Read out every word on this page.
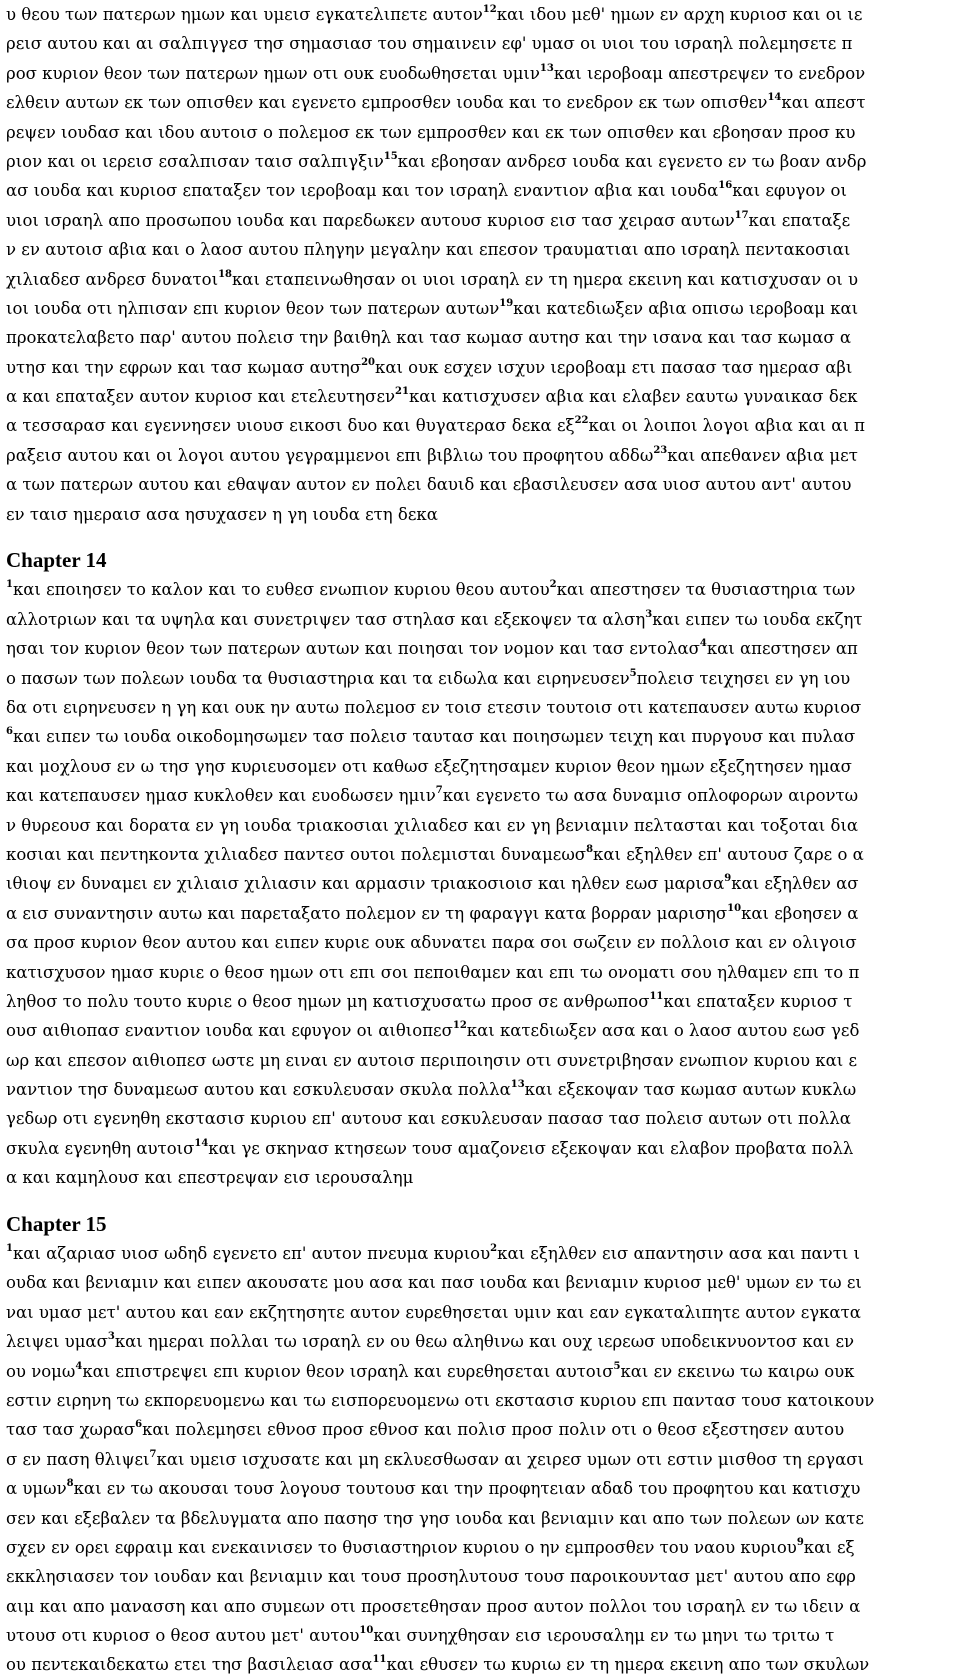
υ θεου των πατερων ημων και υμεισ εγκατελιπετε αυτον$^{12}$και ιδου μεθ' ημων εν αρχη κυριοσ και οι ιε
ρεισ αυτου και αι σαλπιγγεσ τησ σημασιασ του σημαινειν εφ' υμασ οι υιοι του ισραηλ πολεμησετε π
ροσ κυριον θεον των πατερων ημων οτι ουκ ευοδωθησεται υμιν$^{13}$και ιεροβοαμ απεστρεψεν το ενεδρον
ελθειν αυτων εκ των οπισθεν και εγενετο εμπροσθεν ιουδα και το ενεδρον εκ των οπισθεν$^{14}$και απεστ
ρεψεν ιουδασ και ιδου αυτοισ ο πολεμοσ εκ των εμπροσθεν και εκ των οπισθεν και εβοησαν προσ κυ
ριον και οι ιερεισ εσαλπισαν ταισ σαλπιγξιν$^{15}$και εβοησαν ανδρεσ ιουδα και εγενετο εν τω βοαν ανδρ
ασ ιουδα και κυριοσ επαταξεν τον ιεροβοαμ και τον ισραηλ εναντιον αβια και ιουδα$^{16}$και εφυγον οι
υιοι ισραηλ απο προσωπου ιουδα και παρεδωκεν αυτουσ κυριοσ εισ τασ χειρασ αυτων$^{17}$και επαταξε
ν εν αυτοισ αβια και ο λαοσ αυτου πληγην μεγαλην και επεσον τραυματιαι απο ισραηλ πεντακοσιαι
χιλιαδεσ ανδρεσ δυνατοι$^{18}$και εταπεινωθησαν οι υιοι ισραηλ εν τη ημερα εκεινη και κατισχυσαν οι υ
ιοι ιουδα οτι ηλπισαν επι κυριον θεον των πατερων αυτων$^{19}$και κατεδιωξεν αβια οπισω ιεροβοαμ και
προκατελαβετο παρ' αυτου πολεισ την βαιθηλ και τασ κωμασ αυτησ και την ισανα και τασ κωμασ α
υτησ και την εφρων και τασ κωμασ αυτησ$^{20}$και ουκ εσχεν ισχυν ιεροβοαμ ετι πασασ τασ ημερασ αβι
α και επαταξεν αυτον κυριοσ και ετελευτησεν$^{21}$και κατισχυσεν αβια και ελαβεν εαυτω γυναικασ δεκ
α τεσσαρασ και εγεννησεν υιουσ εικοσι δυο και θυγατερασ δεκα $\varepsilon\xi^{22}\kappa\alpha\iota$ οι λοιποι λογοι αβια και αι π
ραξεισ αυτου και οι λογοι αυτου γεγραμμενοι επι βιβλιω του προφητου αδδω$^{23}$και απεθανεν αβια μετ
α των πατερων αυτου και εθαψαν αυτον εν πολει δαυιδ και εβασιλευσεν ασα υιοσ αυτου αντ' αυτου
εν ταισ ημεραισ ασα ησυχασεν η γη ιουδα ετη δεκα
Chapter 14
$^1$και εποιησεν το καλον και το ευθεσ ενωπιον κυριου θεου αυτου$^2$και απεστησεν τα θυσιαστηρια των
αλλοτριων και τα υψηλα και συνετριψεν τασ στηλασ και εξεκοψεν τα αλση$^3$και ειπεν τω ιουδα εκζητ
ησαι τον κυριον θεον των πατερων αυτων και ποιησαι τον νομον και τασ εντολασ$^4$και απεστησεν απ
ο πασων των πολεων ιουδα τα θυσιαστηρια και τα ειδωλα και ειρηνευσεν$^5$πολεισ τειχησει εν γη ιου
δα οτι ειρηνευσεν η γη και ουκ ην αυτω πολεμοσ εν τοισ ετεσιν τουτοισ οτι κατεπαυσεν αυτω κυριοσ
$^6$και ειπεν τω ιουδα οικοδομησωμεν τασ πολεισ ταυτασ και ποιησωμεν τειχη και πυργουσ και πυλασ
και μοχλουσ εν ω τησ γησ κυριευσομεν οτι καθωσ εξεζητησαμεν κυριον θεον ημων εξεζητησεν ημασ
και κατεπαυσεν ημασ κυκλοθεν και ευοδωσεν ημιν$^7$και εγενετο τω ασα δυναμισ οπλοφορων αιροντω
ν θυρεουσ και δορατα εν γη ιουδα τριακοσιαι χιλιαδεσ και εν γη βενιαμιν πελτασται και τοξοται δια
κοσιαι και πεντηκοντα χιλιαδεσ παντεσ ουτοι πολεμισται δυναμεωσ$^8$και εξηλθεν επ' αυτουσ ζαρε ο α
ιθιοψ εν δυναμει εν χιλιαισ χιλιασιν και αρμασιν τριακοσιοισ και ηλθεν εωσ μαρισα$^9$και εξηλθεν ασ
α εισ συναντησιν αυτω και παρεταξατο πολεμον εν τη φαραγγι κατα βορραν μαρισησ$^{10}$και εβοησεν α
σα προσ κυριον θεον αυτου και ειπεν κυριε ουκ αδυνατει παρα σοι σωζειν εν πολλοισ και εν ολιγοισ
κατισχυσον ημασ κυριε ο θεοσ ημων οτι επι σοι πεποιθαμεν και επι τω ονοματι σου ηλθαμεν επι το π
ληθοσ το πολυ τουτο κυριε ο θεοσ ημων μη κατισχυσατω προσ σε ανθρωποσ$^{11}$και επαταξεν κυριοσ τ
ουσ αιθιοπασ εναντιον ιουδα και εφυγον οι αιθιοπεσ$^{12}$και κατεδιωξεν ασα και ο λαοσ αυτου εωσ γεδ
ωρ και επεσον αιθιοπεσ ωστε μη ειναι εν αυτοισ περιποιησιν οτι συνετριβησαν ενωπιον κυριου και ε
ναντιον τησ δυναμεωσ αυτου και εσκυλευσαν σκυλα πολλα$^{13}$και εξεκοψαν τασ κωμασ αυτων κυκλω
γεδωρ οτι εγενηθη εκστασισ κυριου επ' αυτουσ και εσκυλευσαν πασασ τασ πολεισ αυτων οτι πολλα
σκυλα εγενηθη αυτοισ$^{14}$και γε σκηνασ κτησεων τουσ αμαζονεισ εξεκοψαν και ελαβον προβατα πολλ
α και καμηλουσ και επεστρεψαν εισ ιερουσαλημ
Chapter 15
$^1$και αζαριασ υιοσ ωδηδ εγενετο επ' αυτον πνευμα κυριου$^2$και εξηλθεν εισ απαντησιν ασα και παντι ι
ουδα και βενιαμιν και ειπεν ακουσατε μου ασα και πασ ιουδα και βενιαμιν κυριοσ μεθ' υμων εν τω ει
ναι υμασ μετ' αυτου και εαν εκζητησητε αυτον ευρεθησεται υμιν και εαν εγκαταλιπητε αυτον εγκατα
λειψει υμασ$^3$και ημεραι πολλαι τω ισραηλ εν ου θεω αληθινω και ουχ ιερεωσ υποδεικνυοντοσ και εν
ου νομω$^4$και επιστρεψει επι κυριον θεον ισραηλ και ευρεθησεται αυτοισ$^5$και εν εκεινω τω καιρω ουκ
εστιν ειρηνη τω εκπορευομενω και τω εισπορευομενω οτι εκστασισ κυριου επι παντασ τουσ κατοικουν
τασ τασ χωρασ$^6$και πολεμησει εθνοσ προσ εθνοσ και πολισ προσ πολιν οτι ο θεοσ εξεστησεν αυτου
σ εν παση θλιψει$^7$και υμεισ ισχυσατε και μη εκλυεσθωσαν αι χειρεσ υμων οτι εστιν μισθοσ τη εργασι
α υμων$^8$και εν τω ακουσαι τουσ λογουσ τουτουσ και την προφητειαν αδαδ του προφητου και κατισχυ
σεν και εξεβαλεν τα βδελυγματα απο πασησ τησ γησ ιουδα και βενιαμιν και απο των πολεων ων κατε
σχεν εν ορει εφραιμ και ενεκαινισεν το θυσιαστηριον κυριου ο ην εμπροσθεν του ναου κυριου$^9$και εξ
εκκλησιασεν τον ιουδαν και βενιαμιν και τουσ προσηλυτουσ τουσ παροικουντασ μετ' αυτου απο εφρ
αιμ και απο μανασση και απο συμεων οτι προσετεθησαν προσ αυτον πολλοι του ισραηλ εν τω ιδειν α
υτουσ οτι κυριοσ ο θεοσ αυτου μετ' αυτου$^{10}$και συνηχθησαν εισ ιερουσαλημ εν τω μηνι τω τριτω τ
ου πεντεκαιδεκατω ετει τησ βασιλειασ ασα$^{11}$και εθυσεν τω κυριω εν τη ημερα εκεινη απο των σκυλων
